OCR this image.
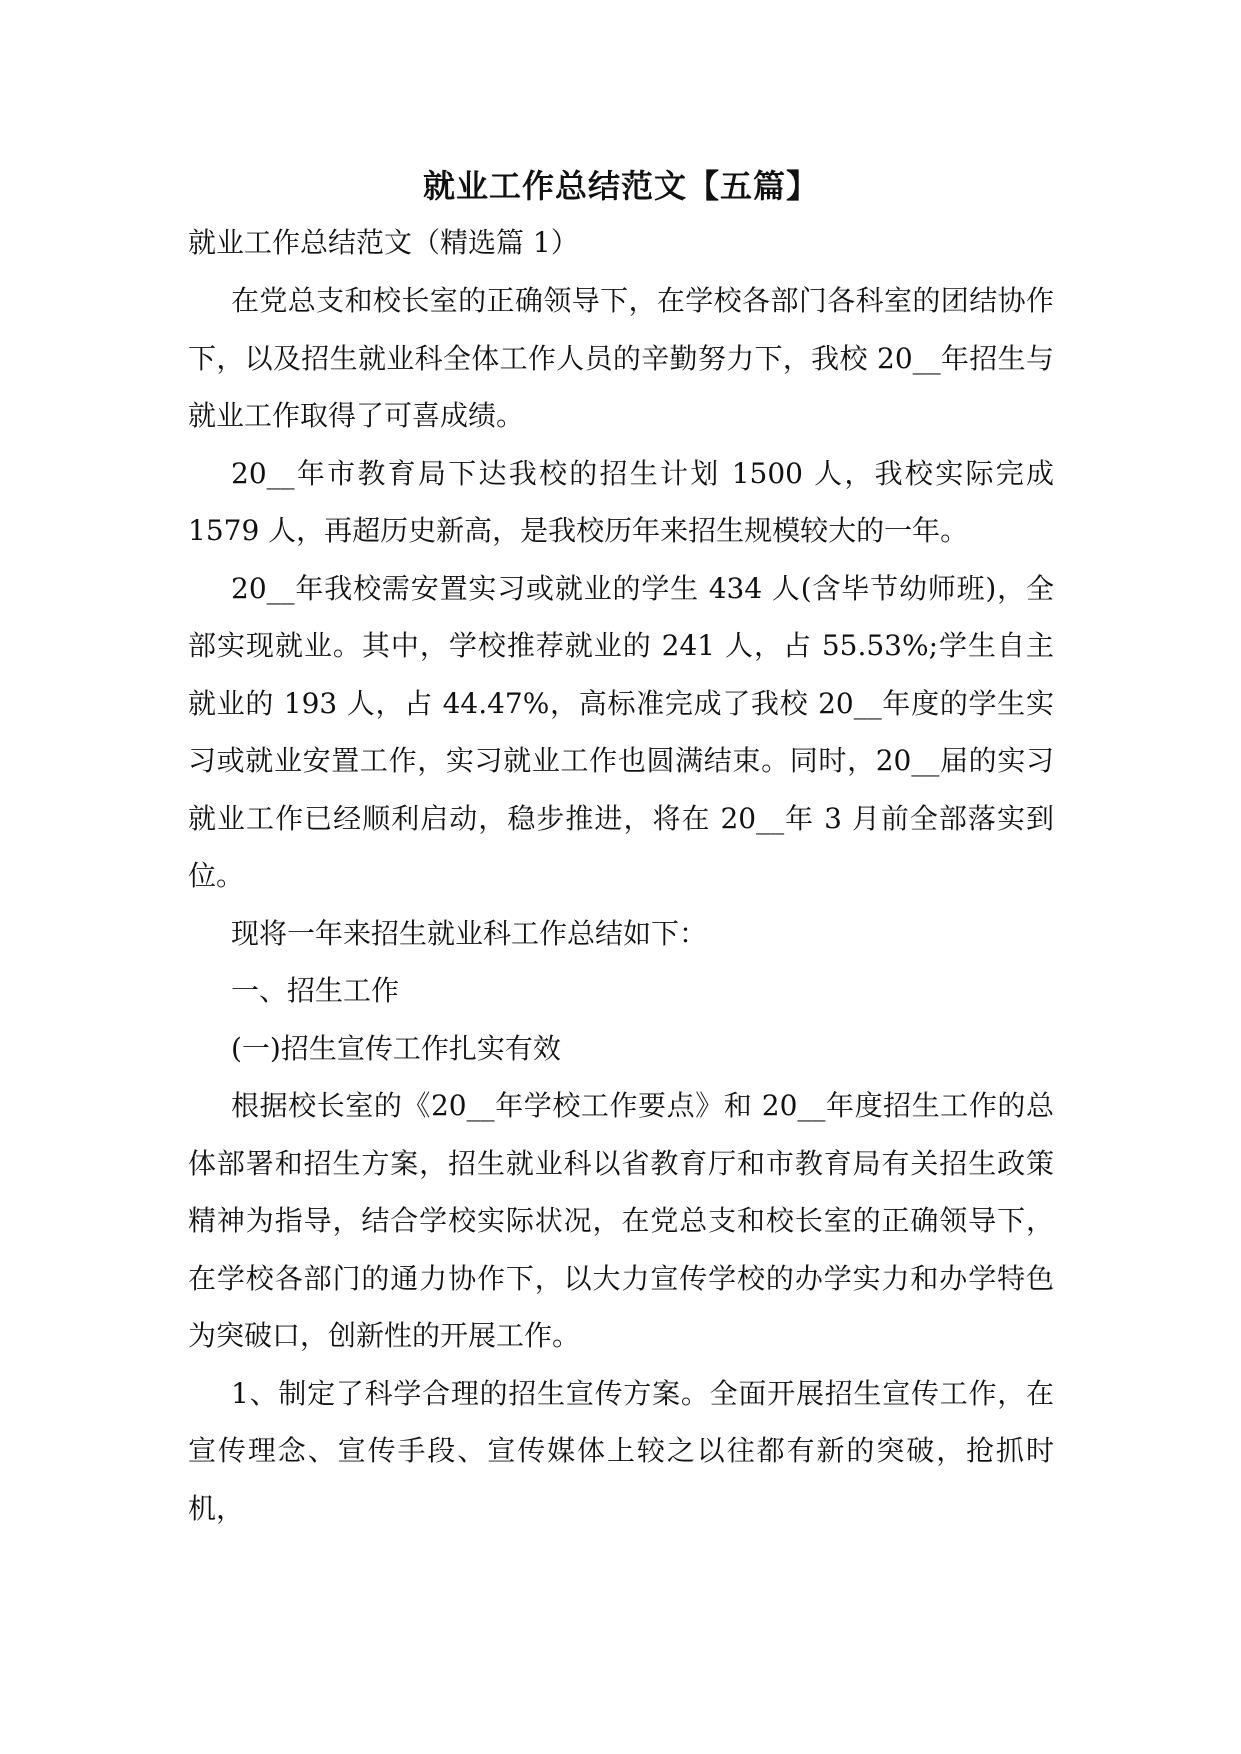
就业工作总结范文【五篇】

就业工作总结范文（精选篇 1）

在党总支和校长室的正确领导下，在学校各部门各科室的团结协作下，以及招生就业科全体工作人员的辛勤努力下，我校 20__年招生与就业工作取得了可喜成绩。

20__年市教育局下达我校的招生计划 1500 人，我校实际完成 1579 人，再超历史新高，是我校历年来招生规模较大的一年。

20__年我校需安置实习或就业的学生 434 人(含毕节幼师班)，全部实现就业。其中，学校推荐就业的 241 人，占 55.53%;学生自主就业的 193 人，占 44.47%，高标准完成了我校 20__年度的学生实习或就业安置工作，实习就业工作也圆满结束。同时，20__届的实习就业工作已经顺利启动，稳步推进，将在 20__年 3 月前全部落实到位。

现将一年来招生就业科工作总结如下：

一、招生工作

(一)招生宣传工作扎实有效

根据校长室的《20__年学校工作要点》和 20__年度招生工作的总体部署和招生方案，招生就业科以省教育厅和市教育局有关招生政策精神为指导，结合学校实际状况，在党总支和校长室的正确领导下，在学校各部门的通力协作下，以大力宣传学校的办学实力和办学特色为突破口，创新性的开展工作。

1、制定了科学合理的招生宣传方案。全面开展招生宣传工作，在宣传理念、宣传手段、宣传媒体上较之以往都有新的突破，抢抓时机，
